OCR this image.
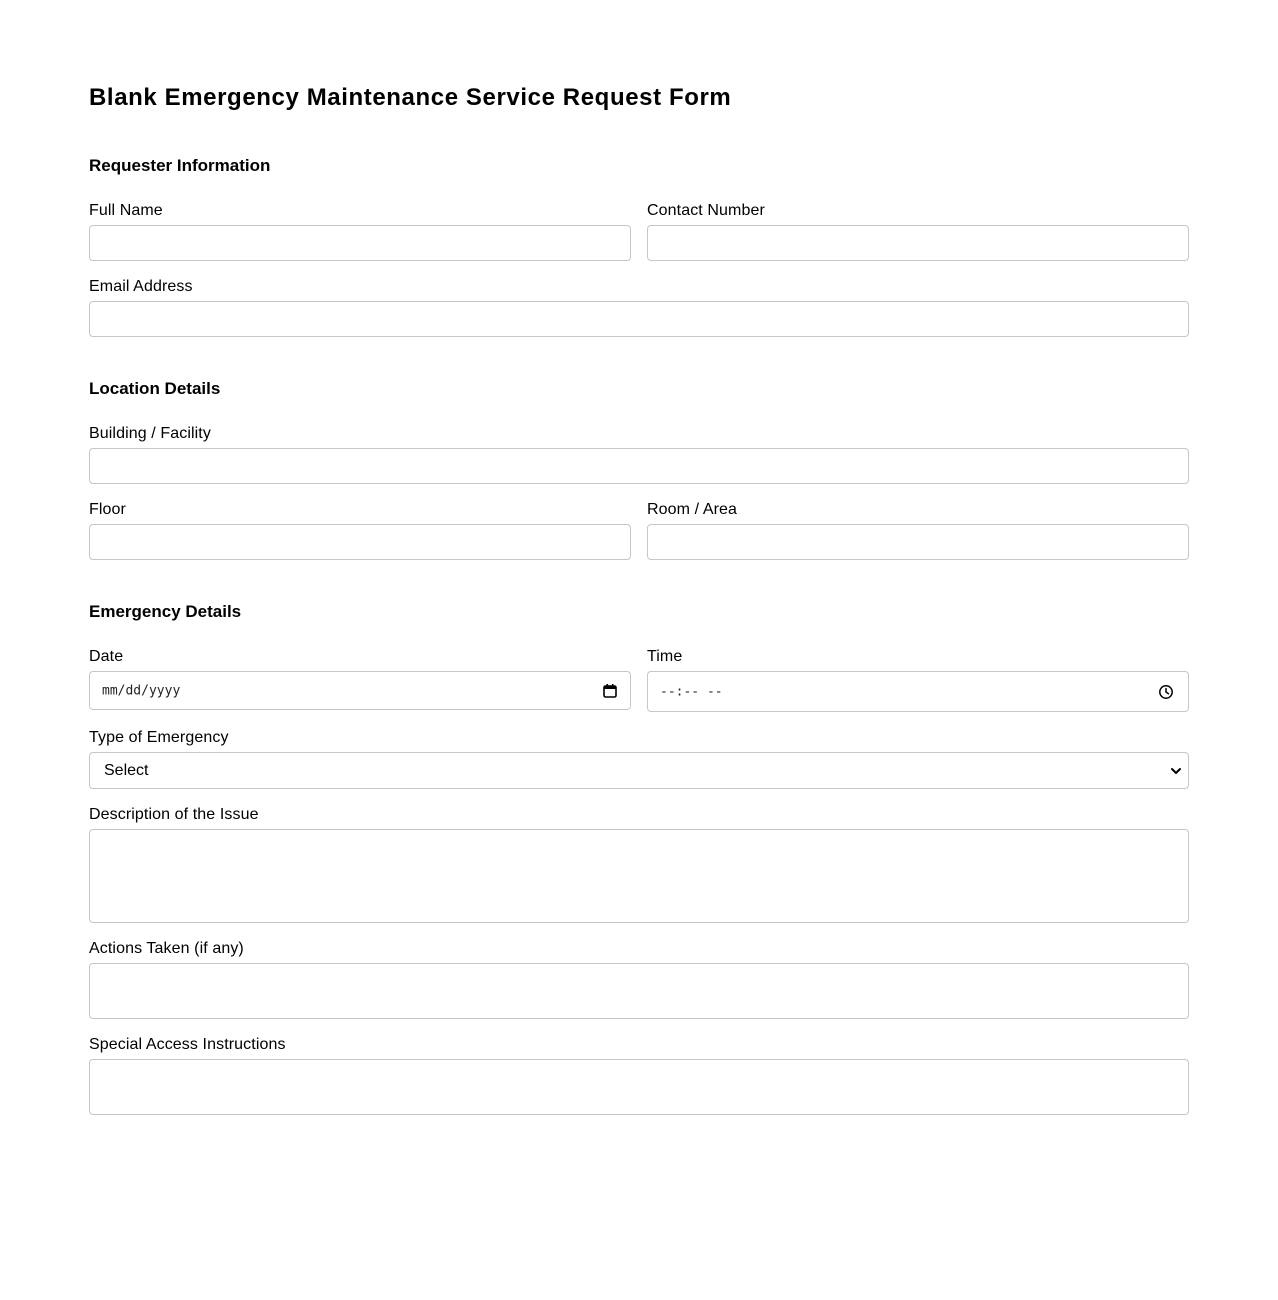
Blank Emergency Maintenance Service Request Form
Requester Information
Full Name	Contact Number
Email Address
Location Details
Building / Facility
Floor	Room / Area
Emergency Details
Date
mm/dd/yyyy
Time
--:-- --
Type of Emergency
Select
Description of the Issue
Actions Taken (if any)
Special Access Instructions
